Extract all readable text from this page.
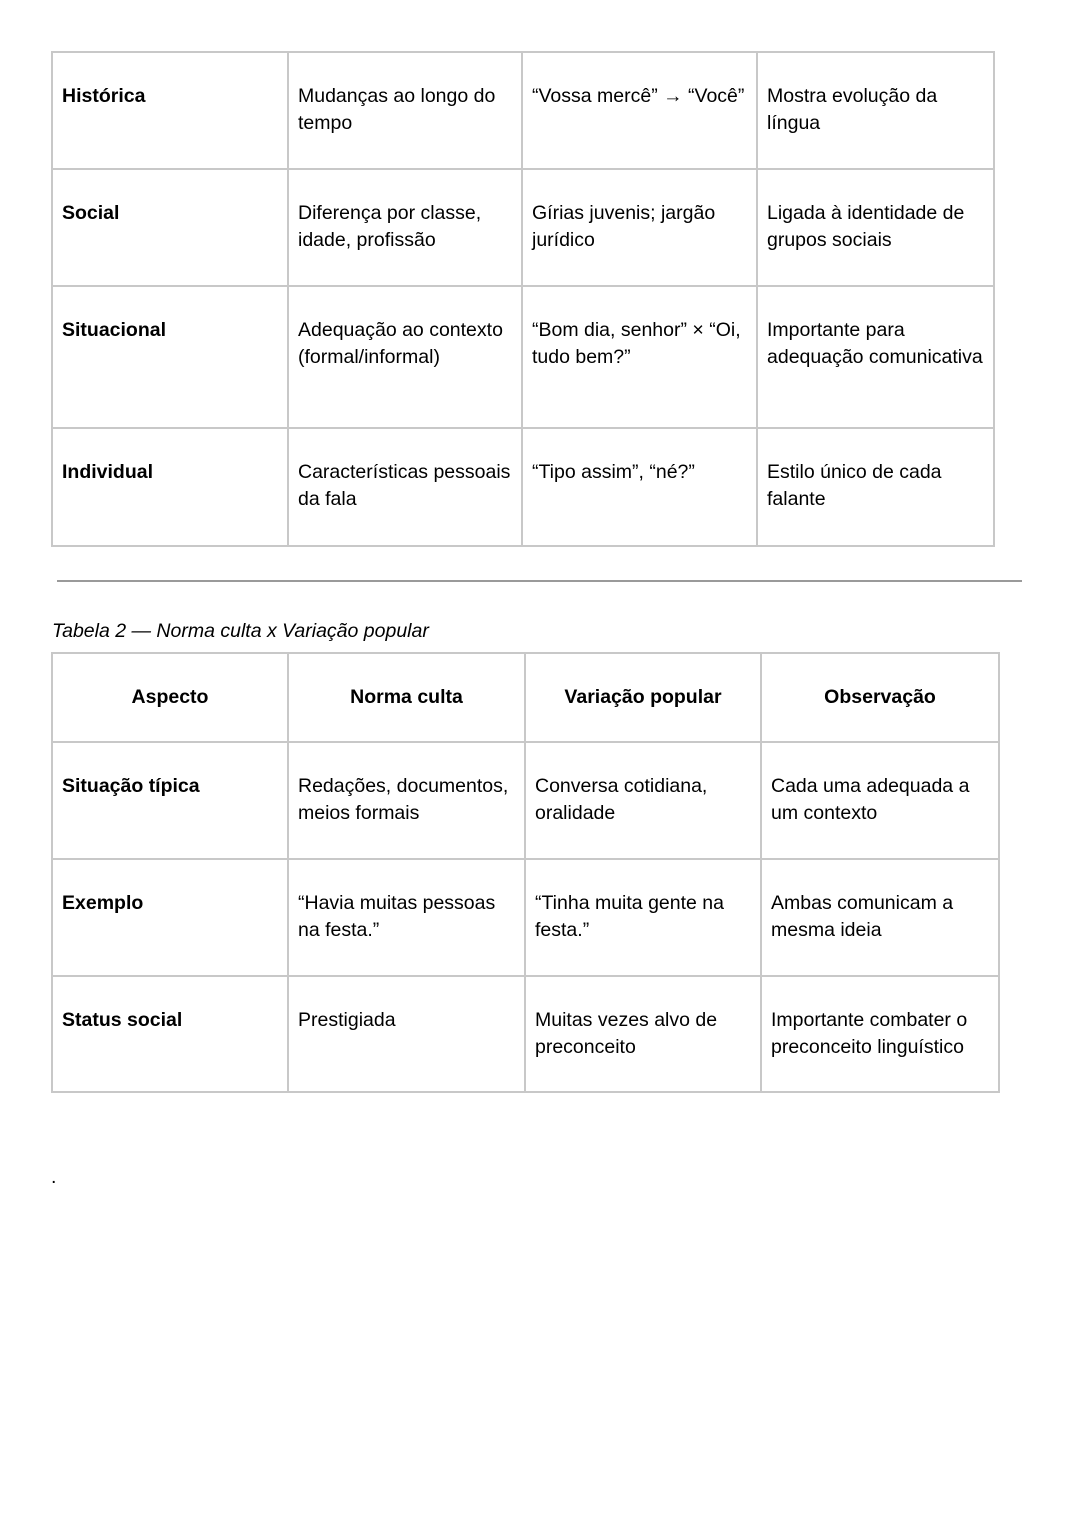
Histórica	Mudanças ao longo do tempo	“Vossa mercê” → “Você”	Mostra evolução da língua
Social	Diferença por classe, idade, profissão	Gírias juvenis; jargão jurídico	Ligada à identidade de grupos sociais
Situacional	Adequação ao contexto (formal/informal)	“Bom dia, senhor” × “Oi, tudo bem?”	Importante para adequação comunicativa
Individual	Características pessoais da fala	“Tipo assim”, “né?”	Estilo único de cada falante
Tabela 2 — Norma culta x Variação popular
Aspecto	Norma culta	Variação popular	Observação
Situação típica	Redações, documentos, meios formais	Conversa cotidiana, oralidade	Cada uma adequada a um contexto
Exemplo	“Havia muitas pessoas na festa.”	“Tinha muita gente na festa.”	Ambas comunicam a mesma ideia
Status social	Prestigiada	Muitas vezes alvo de preconceito	Importante combater o preconceito linguístico
.
